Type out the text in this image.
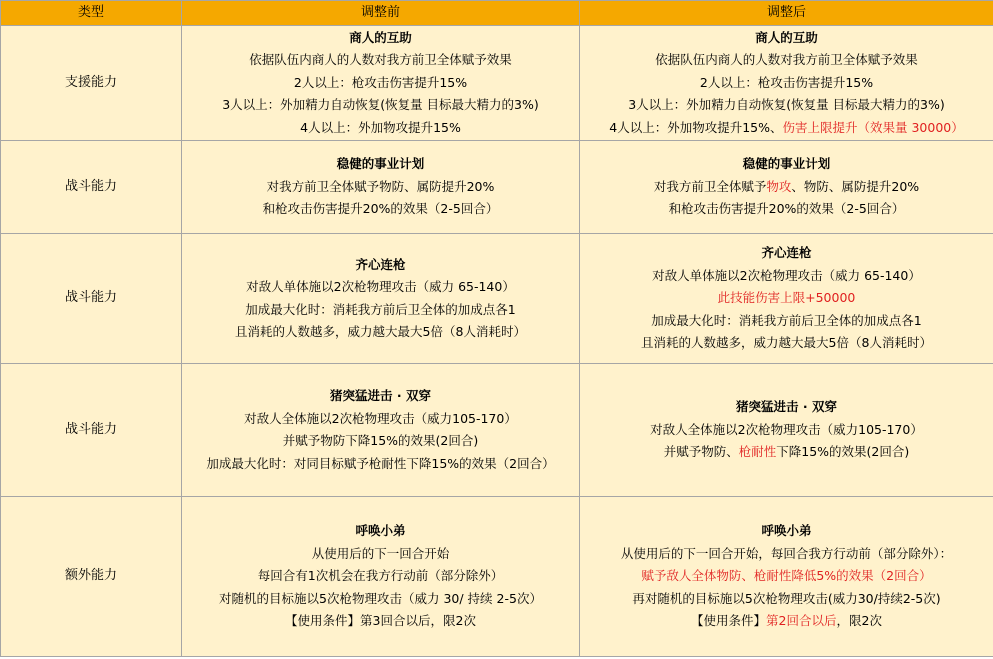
类型	调整前	调整后
支援能力	商人的互助
依据队伍内商人的人数对我方前卫全体赋予效果
2人以上：枪攻击伤害提升15%
3人以上：外加精力自动恢复(恢复量 目标最大精力的3%)
4人以上：外加物攻提升15%	商人的互助
依据队伍内商人的人数对我方前卫全体赋予效果
2人以上：枪攻击伤害提升15%
3人以上：外加精力自动恢复(恢复量 目标最大精力的3%)
4人以上：外加物攻提升15%、伤害上限提升（效果量 30000）

战斗能力	稳健的事业计划
对我方前卫全体赋予物防、属防提升20%
和枪攻击伤害提升20%的效果（2-5回合）	稳健的事业计划
对我方前卫全体赋予物攻、物防、属防提升20%
和枪攻击伤害提升20%的效果（2-5回合）

战斗能力	齐心连枪
对敌人单体施以2次枪物理攻击（威力 65-140）
加成最大化时：消耗我方前后卫全体的加成点各1
且消耗的人数越多，威力越大最大5倍（8人消耗时）	齐心连枪
对敌人单体施以2次枪物理攻击（威力 65-140）
此技能伤害上限+50000
加成最大化时：消耗我方前后卫全体的加成点各1
且消耗的人数越多，威力越大最大5倍（8人消耗时）

战斗能力	猪突猛进击 · 双穿
对敌人全体施以2次枪物理攻击（威力105-170）
并赋予物防下降15%的效果(2回合)
加成最大化时：对同目标赋予枪耐性下降15%的效果（2回合）	猪突猛进击 · 双穿
对敌人全体施以2次枪物理攻击（威力105-170）
并赋予物防、枪耐性下降15%的效果(2回合)

额外能力	呼唤小弟
从使用后的下一回合开始
每回合有1次机会在我方行动前（部分除外）
对随机的目标施以5次枪物理攻击（威力 30/ 持续 2-5次）
【使用条件】第3回合以后，限2次	呼唤小弟
从使用后的下一回合开始，每回合我方行动前（部分除外）：
赋予敌人全体物防、枪耐性降低5%的效果（2回合）
再对随机的目标施以5次枪物理攻击(威力30/持续2-5次)
【使用条件】第2回合以后，限2次
